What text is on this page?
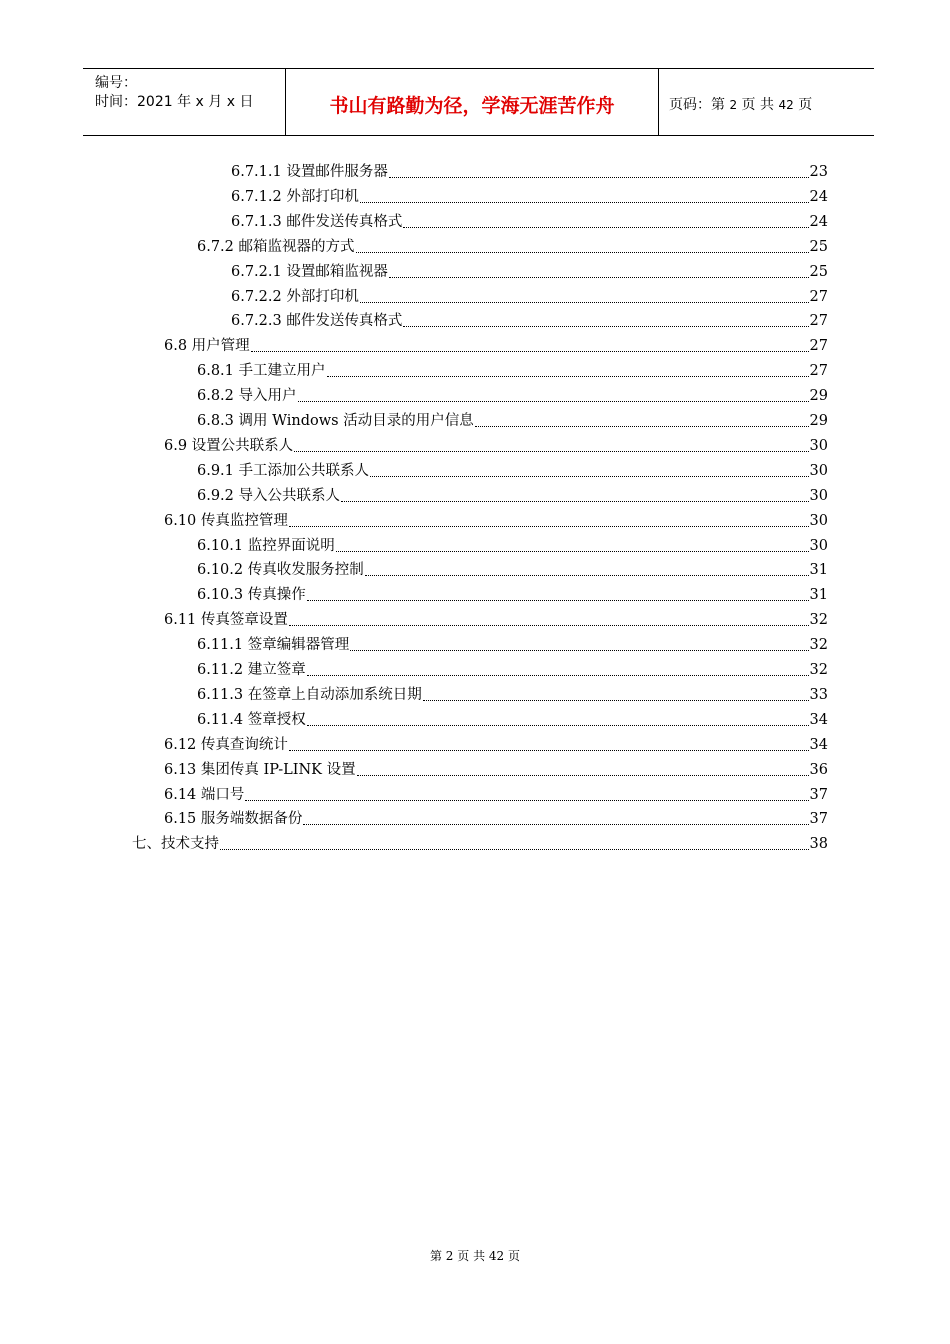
编号：
时间：2021 年 x 月 x 日	书山有路勤为径，学海无涯苦作舟	页码：第 2 页 共 42 页
6.7.1.1 设置邮件服务器	23
6.7.1.2 外部打印机	24
6.7.1.3 邮件发送传真格式	24
6.7.2 邮箱监视器的方式	25
6.7.2.1 设置邮箱监视器	25
6.7.2.2 外部打印机	27
6.7.2.3 邮件发送传真格式	27
6.8 用户管理	27
6.8.1 手工建立用户	27
6.8.2 导入用户	29
6.8.3 调用 Windows 活动目录的用户信息	29
6.9 设置公共联系人	30
6.9.1 手工添加公共联系人	30
6.9.2 导入公共联系人	30
6.10 传真监控管理	30
6.10.1 监控界面说明	30
6.10.2 传真收发服务控制	31
6.10.3 传真操作	31
6.11 传真签章设置	32
6.11.1 签章编辑器管理	32
6.11.2 建立签章	32
6.11.3 在签章上自动添加系统日期	33
6.11.4 签章授权	34
6.12 传真查询统计	34
6.13 集团传真 IP-LINK 设置	36
6.14 端口号	37
6.15 服务端数据备份	37
七、技术支持	38
第 2 页 共 42 页
